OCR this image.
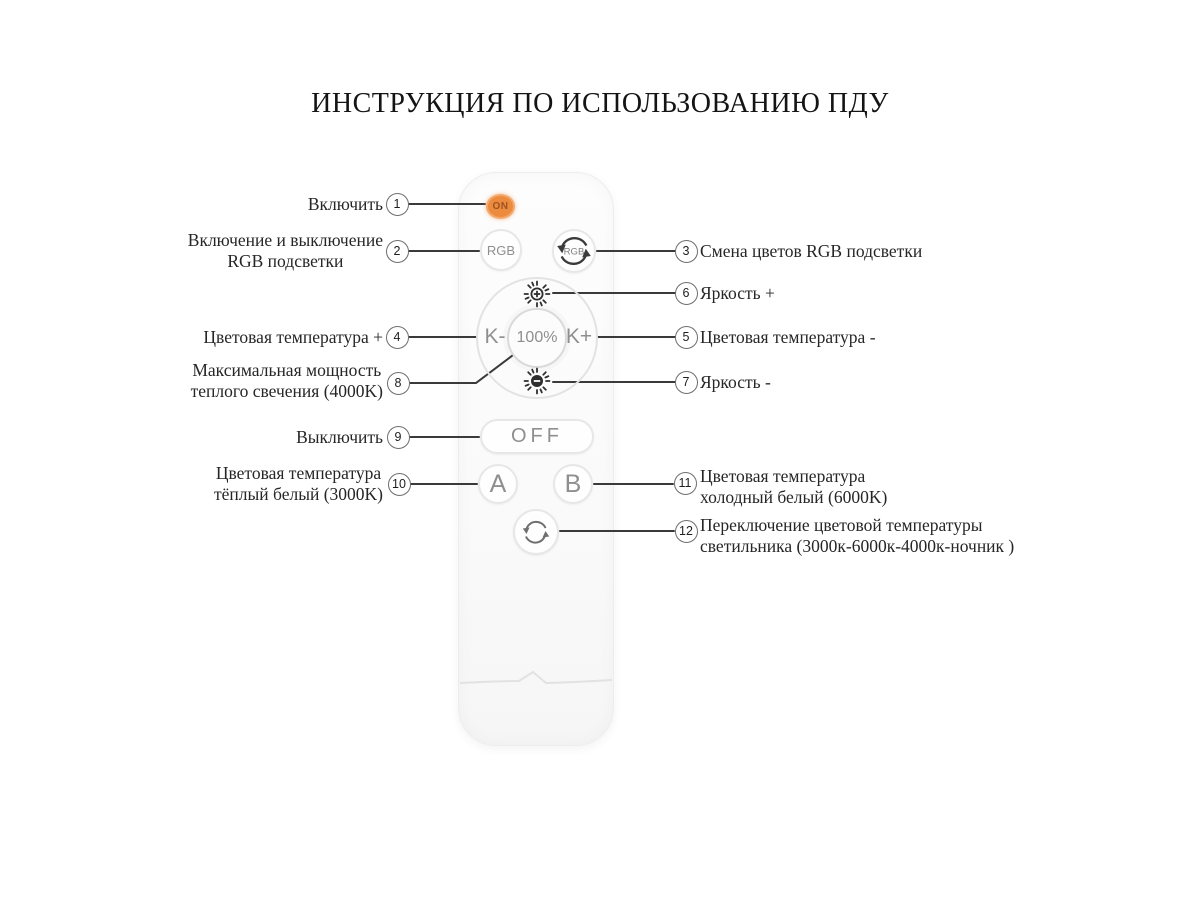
ИНСТРУКЦИЯ ПО ИСПОЛЬЗОВАНИЮ ПДУ
ON
RGB	RGB
100%
K-	K+
OFF
A	B
1
2
4
8
9
10
3
6
5
7
11
12
Включить
Включение и выключение
RGB подсветки
Цветовая температура +
Максимальная мощность
теплого свечения (4000K)
Выключить
Цветовая температура
тёплый белый (3000K)
Смена цветов RGB подсветки
Яркость +
Цветовая температура -
Яркость -
Цветовая температура
холодный белый (6000K)
Переключение цветовой температуры
светильника (3000к-6000к-4000к-ночник )
